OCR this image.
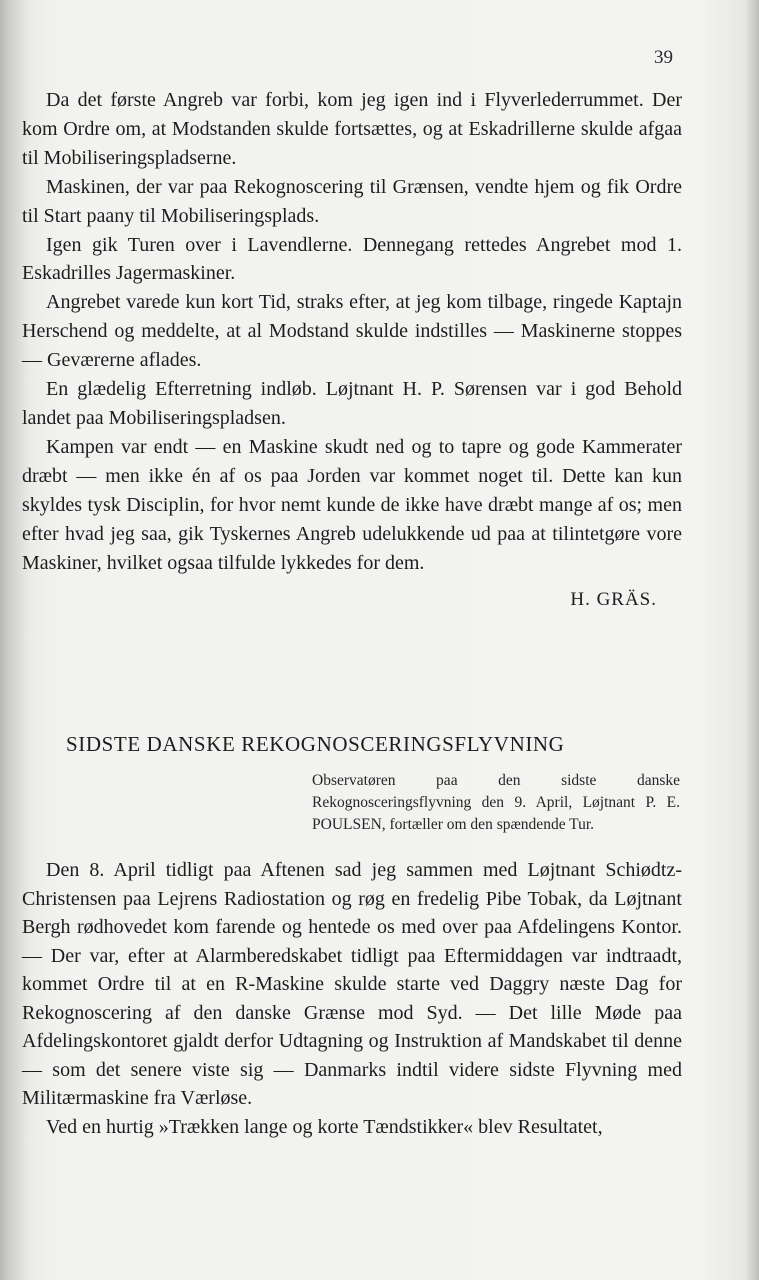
39

Da det første Angreb var forbi, kom jeg igen ind i Flyverlederrummet. Der kom Ordre om, at Modstanden skulde fortsættes, og at Eskadrillerne skulde afgaa til Mobiliseringspladserne.

Maskinen, der var paa Rekognoscering til Grænsen, vendte hjem og fik Ordre til Start paany til Mobiliseringsplads.

Igen gik Turen over i Lavendlerne. Dennegang rettedes Angrebet mod 1. Eskadrilles Jagermaskiner.

Angrebet varede kun kort Tid, straks efter, at jeg kom tilbage, ringede Kaptajn Herschend og meddelte, at al Modstand skulde indstilles — Maskinerne stoppes — Geværerne aflades.

En glædelig Efterretning indløb. Løjtnant H. P. Sørensen var i god Behold landet paa Mobiliseringspladsen.

Kampen var endt — en Maskine skudt ned og to tapre og gode Kammerater dræbt — men ikke én af os paa Jorden var kommet noget til. Dette kan kun skyldes tysk Disciplin, for hvor nemt kunde de ikke have dræbt mange af os; men efter hvad jeg saa, gik Tyskernes Angreb udelukkende ud paa at tilintetgøre vore Maskiner, hvilket ogsaa tilfulde lykkedes for dem.

H. GRÄS.
SIDSTE DANSKE REKOGNOSCERINGSFLYVNING
Observatøren paa den sidste danske Rekognosceringsflyvning den 9. April, Løjtnant P. E. POULSEN, fortæller om den spændende Tur.

Den 8. April tidligt paa Aftenen sad jeg sammen med Løjtnant Schiødtz-Christensen paa Lejrens Radiostation og røg en fredelig Pibe Tobak, da Løjtnant Bergh rødhovedet kom farende og hentede os med over paa Afdelingens Kontor. — Der var, efter at Alarmberedskabet tidligt paa Eftermiddagen var indtraadt, kommet Ordre til at en R-Maskine skulde starte ved Daggry næste Dag for Rekognoscering af den danske Grænse mod Syd. — Det lille Møde paa Afdelingskontoret gjaldt derfor Udtagning og Instruktion af Mandskabet til denne — som det senere viste sig — Danmarks indtil videre sidste Flyvning med Militærmaskine fra Værløse.

Ved en hurtig »Trækken lange og korte Tændstikker« blev Resultatet,
